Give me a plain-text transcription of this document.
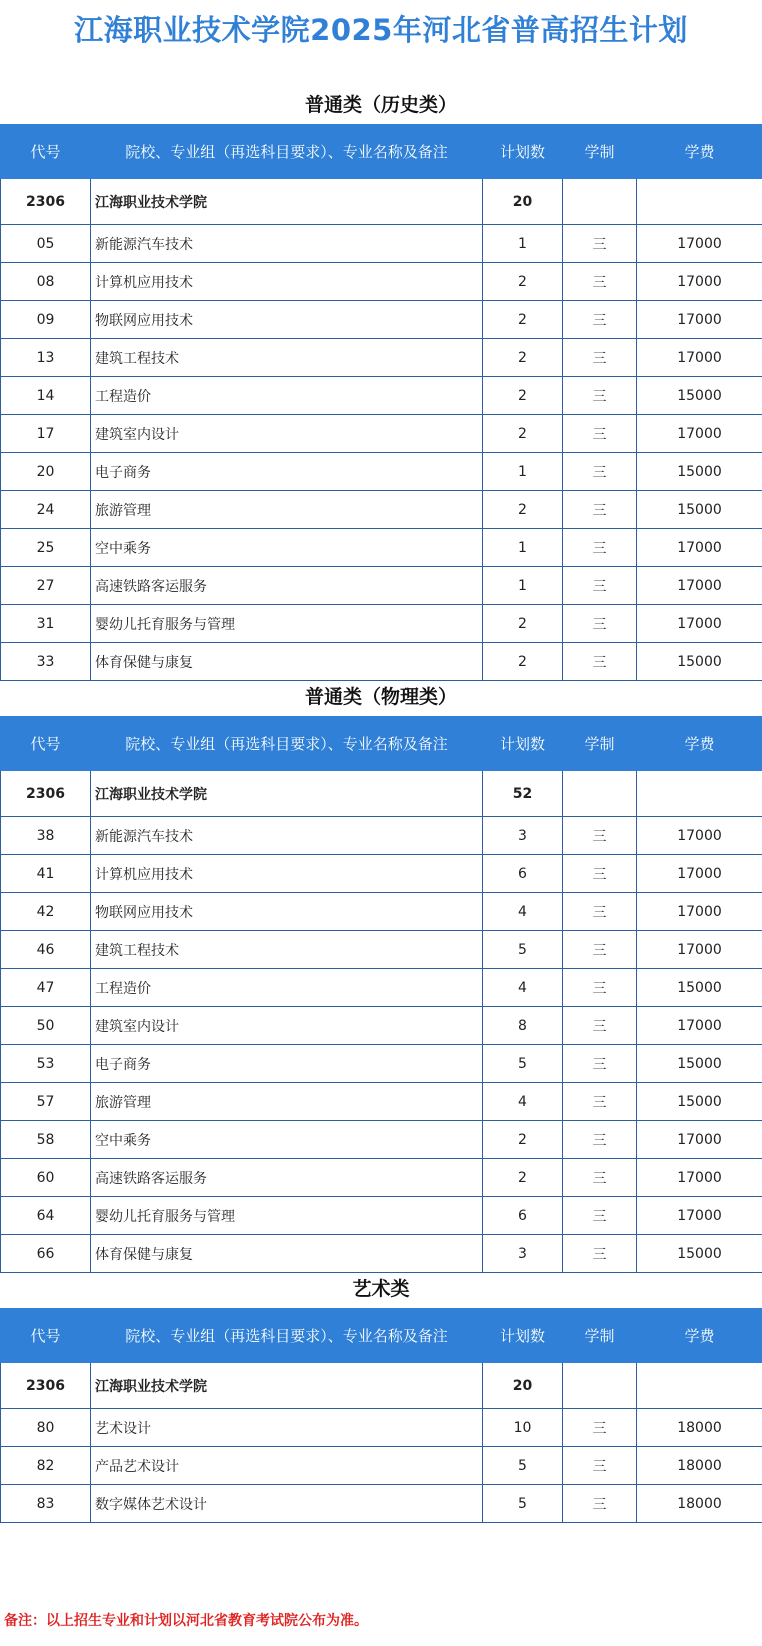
江海职业技术学院2025年河北省普高招生计划
普通类（历史类）
代号	院校、专业组（再选科目要求）、专业名称及备注	计划数	学制	学费
2306	江海职业技术学院	20		
05	新能源汽车技术	1	三	17000
08	计算机应用技术	2	三	17000
09	物联网应用技术	2	三	17000
13	建筑工程技术	2	三	17000
14	工程造价	2	三	15000
17	建筑室内设计	2	三	17000
20	电子商务	1	三	15000
24	旅游管理	2	三	15000
25	空中乘务	1	三	17000
27	高速铁路客运服务	1	三	17000
31	婴幼儿托育服务与管理	2	三	17000
33	体育保健与康复	2	三	15000
普通类（物理类）
代号	院校、专业组（再选科目要求）、专业名称及备注	计划数	学制	学费
2306	江海职业技术学院	52		
38	新能源汽车技术	3	三	17000
41	计算机应用技术	6	三	17000
42	物联网应用技术	4	三	17000
46	建筑工程技术	5	三	17000
47	工程造价	4	三	15000
50	建筑室内设计	8	三	17000
53	电子商务	5	三	15000
57	旅游管理	4	三	15000
58	空中乘务	2	三	17000
60	高速铁路客运服务	2	三	17000
64	婴幼儿托育服务与管理	6	三	17000
66	体育保健与康复	3	三	15000
艺术类
代号	院校、专业组（再选科目要求）、专业名称及备注	计划数	学制	学费
2306	江海职业技术学院	20		
80	艺术设计	10	三	18000
82	产品艺术设计	5	三	18000
83	数字媒体艺术设计	5	三	18000
备注：以上招生专业和计划以河北省教育考试院公布为准。
